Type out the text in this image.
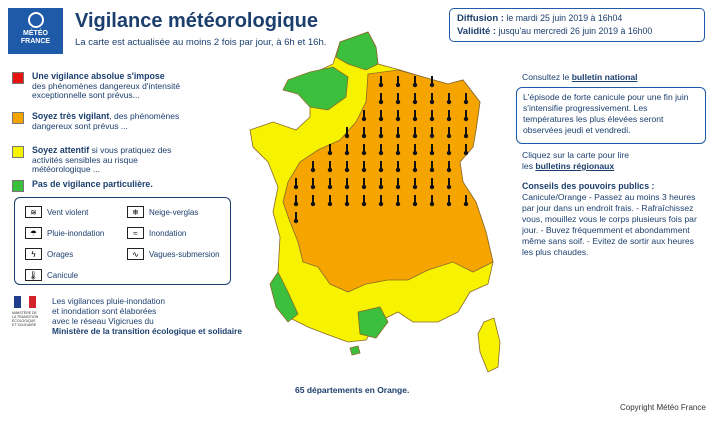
MÉTÉO
FRANCE
Vigilance météorologique
La carte est actualisée au moins 2 fois par jour, à 6h et 16h.
Diffusion : le mardi 25 juin 2019 à 16h04
Validité : jusqu'au mercredi 26 juin 2019 à 16h00
Une vigilance absolue s'impose
des phénomènes dangereux d'intensité exceptionnelle sont prévus...
Soyez très vigilant, des phénomènes dangereux sont prévus ...
Soyez attentif si vous pratiquez des activités sensibles au risque météorologique ...
Pas de vigilance particulière.
≋	Vent violent	❄	Neige-verglas
☂	Pluie-inondation	≈	Inondation
ϟ	Orages	∿	Vagues-submersion
🌡	Canicule
MINISTÈRE DE LA TRANSITION ÉCOLOGIQUE ET SOLIDAIRE
Les vigilances pluie-inondation
et inondation sont élaborées
avec le réseau Vigicrues du
Ministère de la transition écologique et solidaire
Consultez le bulletin national
L'épisode de forte canicule pour une fin juin s'intensifie progressivement. Les températures les plus élevées seront observées jeudi et vendredi.
Cliquez sur la carte pour lire
les bulletins régionaux
Conseils des pouvoirs publics :
Canicule/Orange - Passez au moins 3 heures par jour dans un endroit frais. - Rafraîchissez vous, mouillez vous le corps plusieurs fois par jour. - Buvez fréquemment et abondamment même sans soif. - Evitez de sortir aux heures les plus chaudes.
65 départements en Orange.
Copyright Météo France
